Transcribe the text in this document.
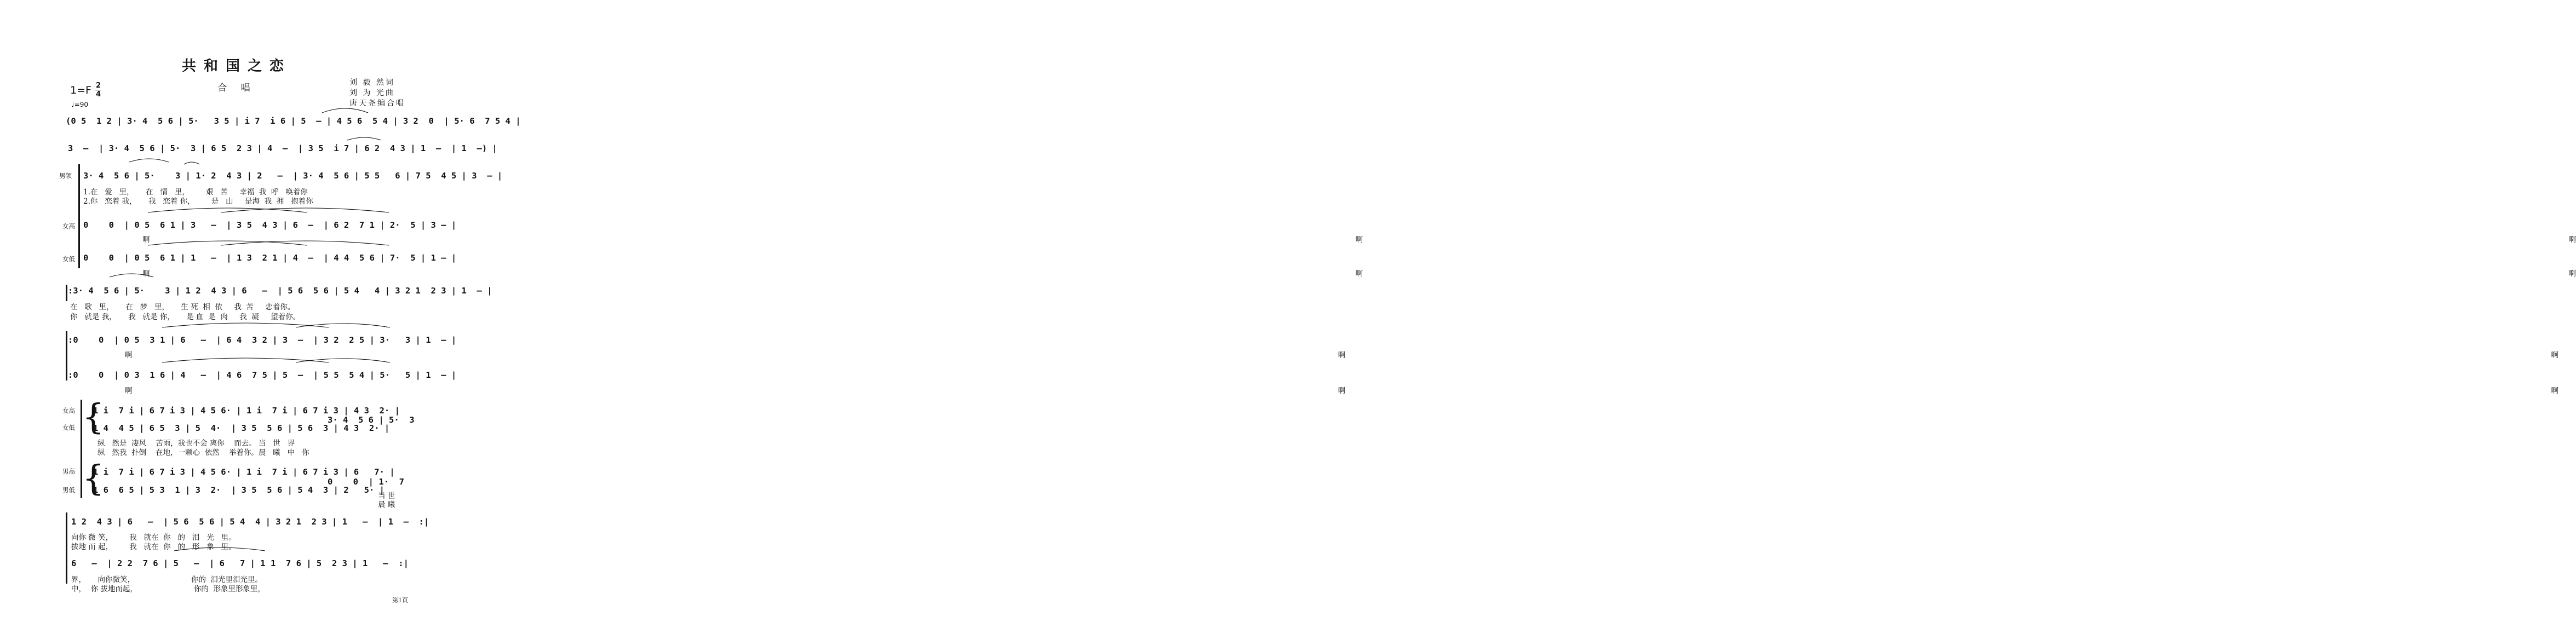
共和国之恋
合 唱
1=F 2
4
♩=90
刘 毅 然词
刘 为 光曲
唐天尧编合唱
(0 5  1 2 | 3· 4  5 6 | 5·   3 5 | i 7  i 6 | 5  – | 4 5 6  5 4 | 3 2  0  | 5· 6  7 5 4 |
3  –  | 3· 4  5 6 | 5·  3 | 6 5  2 3 | 4  –  | 3 5  i 7 | 6 2  4 3 | 1  –  | 1  –) |
男领 3· 4  5 6 | 5·    3 | 1· 2  4 3 | 2   –  | 3· 4  5 6 | 5 5   6 | 7 5  4 5 | 3  – |
1.在   爱   里，     在   情   里，       艰   苦     幸福  我  呼   唤着你
2.你   恋着 我，     我   恋着 你，       是   山     是海  我  拥   抱着你
女高 0    0  | 0 5  6 1 | 3   –  | 3 5  4 3 | 6  –  | 6 2  7 1 | 2·  5 | 3 – |
啊                  啊                  啊
女低 0    0  | 0 5  6 1 | 1   –  | 1 3  2 1 | 4  –  | 4 4  5 6 | 7·  5 | 1 – |
啊                  啊                  啊
:3· 4  5 6 | 5·    3 | 1 2  4 3 | 6   –  | 5 6  5 6 | 5 4   4 | 3 2 1  2 3 | 1  – |
在   歌   里，     在   梦   里，     生 死  相  依     我  苦     恋着你。
你   就是 我，     我   就是 你，     是 血  是  肉     我  凝     望着你。
:0    0  | 0 5  3 1 | 6   –  | 6 4  3 2 | 3  –  | 3 2  2 5 | 3·   3 | 1  – |
啊                  啊                  啊
:0    0  | 0 3  1 6 | 4   –  | 4 6  7 5 | 5  –  | 5 5  5 4 | 5·   5 | 1  – |
啊                  啊                  啊
女高
女低 {
1 i  7 i | 6 7 i 3 | 4 5 6· | 1 i  7 i | 6 7 i 3 | 4 3  2· |
1 4  4 5 | 6 5  3 | 5  4·  | 3 5  5 6 | 5 6  3 | 4 3  2· |
3· 4  5 6 | 5·  3
纵   然是  凄风    苦雨，我也不会 离你    而去。 当   世   界
纵   然我  扑倒    在地，一颗心  依然    举着你。晨   曦   中   你
男高
男低 {
1 i  7 i | 6 7 i 3 | 4 5 6· | 1 i  7 i | 6 7 i 3 | 6   7· |
1 6  6 5 | 5 3  1 | 3  2·  | 3 5  5 6 | 5 4  3 | 2   5· |
0    0  | 1·  7
当 世
晨 曦
1 2  4 3 | 6   –  | 5 6  5 6 | 5 4  4 | 3 2 1  2 3 | 1   –  | 1  –  :|
向你 微 笑，       我   就在  你   的   泪   光   里。
拔地 而 起，       我   就在  你   的   形   象   里。
6   –  | 2 2  7 6 | 5   –  | 6   7 | 1 1  7 6 | 5  2 3 | 1   –  :|
界，     向你微笑，                        你的  泪光里泪光里。
中，  你 拔地而起，                        你的  形象里形象里，
第1页
